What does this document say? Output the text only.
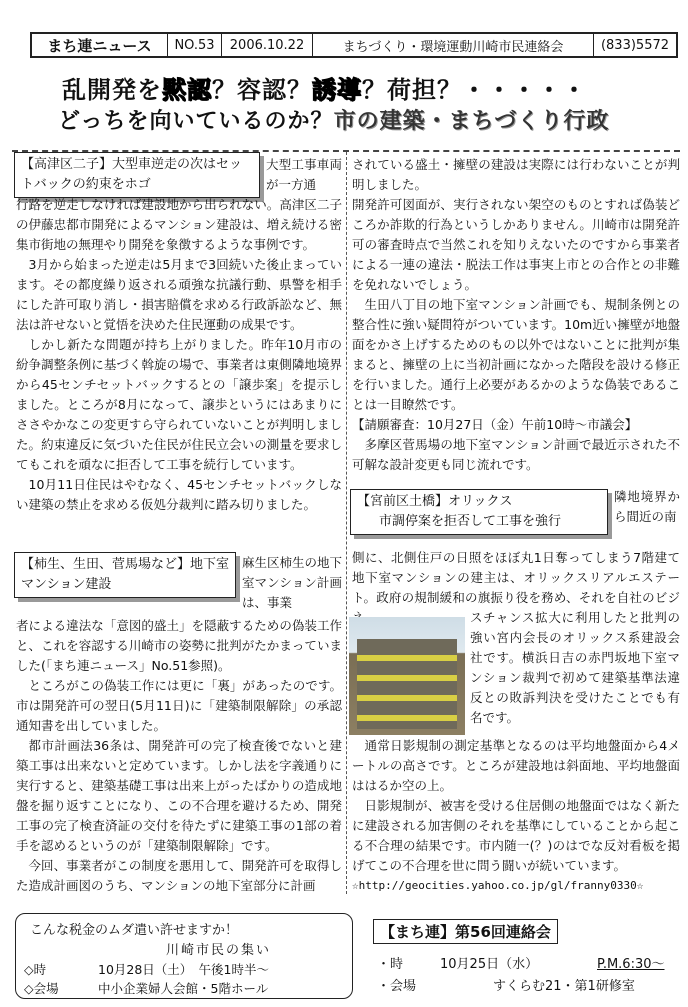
まち連ニュース	NO.53	2006.10.22	まちづくり・環境運動川崎市民連絡会	(833)5572
乱開発を黙認？容認？誘導？荷担？・・・・・
どっちを向いているのか？市の建築・まちづくり行政
【高津区二子】大型車逆走の次はセットバックの約束をホゴ

大型工事車両が一方通

行路を逆走しなければ建設地から出られない。高津区二子の伊藤忠都市開発によるマンション建設は、増え続ける密集市街地の無理やり開発を象徴するような事例です。

3月から始まった逆走は5月まで3回続いた後止まっています。その都度繰り返される頑強な抗議行動、県警を相手にした許可取り消し・損害賠償を求める行政訴訟など、無法は許せないと覚悟を決めた住民運動の成果です。

しかし新たな問題が持ち上がりました。昨年10月市の紛争調整条例に基づく斡旋の場で、事業者は東側隣地境界から45センチセットバックするとの「譲歩案」を提示しました。ところが8月になって、譲歩というにはあまりにささやかなこの変更すら守られていないことが判明しました。約束違反に気づいた住民が住民立会いの測量を要求してもこれを頑なに拒否して工事を続行しています。

10月11日住民はやむなく、45センチセットバックしない建築の禁止を求める仮処分裁判に踏み切りました。

【柿生、生田、菅馬場など】地下室マンション建設

麻生区柿生の地下室マンション計画は、事業

者による違法な「意図的盛土」を隠蔽するための偽装工作と、これを容認する川崎市の姿勢に批判がたかまっていました(「まち連ニュース」No.51参照)。

ところがこの偽装工作には更に「裏」があったのです。市は開発許可の翌日(5月11日)に「建築制限解除」の承認通知書を出していました。

都市計画法36条は、開発許可の完了検査後でないと建築工事は出来ないと定めています。しかし法を字義通りに実行すると、建築基礎工事は出来上がったばかりの造成地盤を掘り返すことになり、この不合理を避けるため、開発工事の完了検査済証の交付を待たずに建築工事の1部の着手を認めるというのが「建築制限解除」です。

今回、事業者がこの制度を悪用して、開発許可を取得した造成計画図のうち、マンションの地下室部分に計画

されている盛土・擁壁の建設は実際には行わないことが判明しました。

開発許可図面が、実行されない架空のものとすれば偽装どころか詐欺的行為というしかありません。川崎市は開発許可の審査時点で当然これを知りえないたのですから事業者による一連の違法・脱法工作は事実上市との合作との非難を免れないでしょう。

生田八丁目の地下室マンション計画でも、規制条例との整合性に強い疑問符がついています。10m近い擁壁が地盤面をかさ上げするためのもの以外ではないことに批判が集まると、擁壁の上に当初計画になかった階段を設ける修正を行いました。通行上必要があるかのような偽装であることは一目瞭然です。

【請願審査：10月27日（金）午前10時～市議会】

多摩区菅馬場の地下室マンション計画で最近示された不可解な設計変更も同じ流れです。

【宮前区土橋】オリックス
市調停案を拒否して工事を強行

隣地境界から間近の南

側に、北側住戸の日照をほぼ丸1日奪ってしまう7階建て地下室マンションの建主は、オリックスリアルエステート。政府の規制緩和の旗振り役を務め、それを自社のビジ

スチャンス拡大に利用したと批判の強い宮内会長のオリックス系建設会社です。横浜日吉の赤門坂地下室マンション裁判で初めて建築基準法違反との敗訴判決を受けたことでも有名です。

通常日影規制の測定基準となるのは平均地盤面から4メートルの高さです。ところが建設地は斜面地、平均地盤面ははるか空の上。

日影規制が、被害を受ける住居側の地盤面ではなく新たに建設される加害側のそれを基準にしていることから起こる不合理の結果です。市内随一(？)のはでな反対看板を掲げてこの不合理を世に問う闘いが続いています。

☆http://geocities.yahoo.co.jp/gl/franny0330☆

こんな税金のムダ遣い許せますか！
川崎市民の集い
◇時	10月28日（土）　午後1時半～
◇会場	中小企業婦人会館・5階ホール
【まち連】第56回連絡会
・時	10月25日（水）	P.M.6:30～
・会場	すくらむ21・第1研修室
